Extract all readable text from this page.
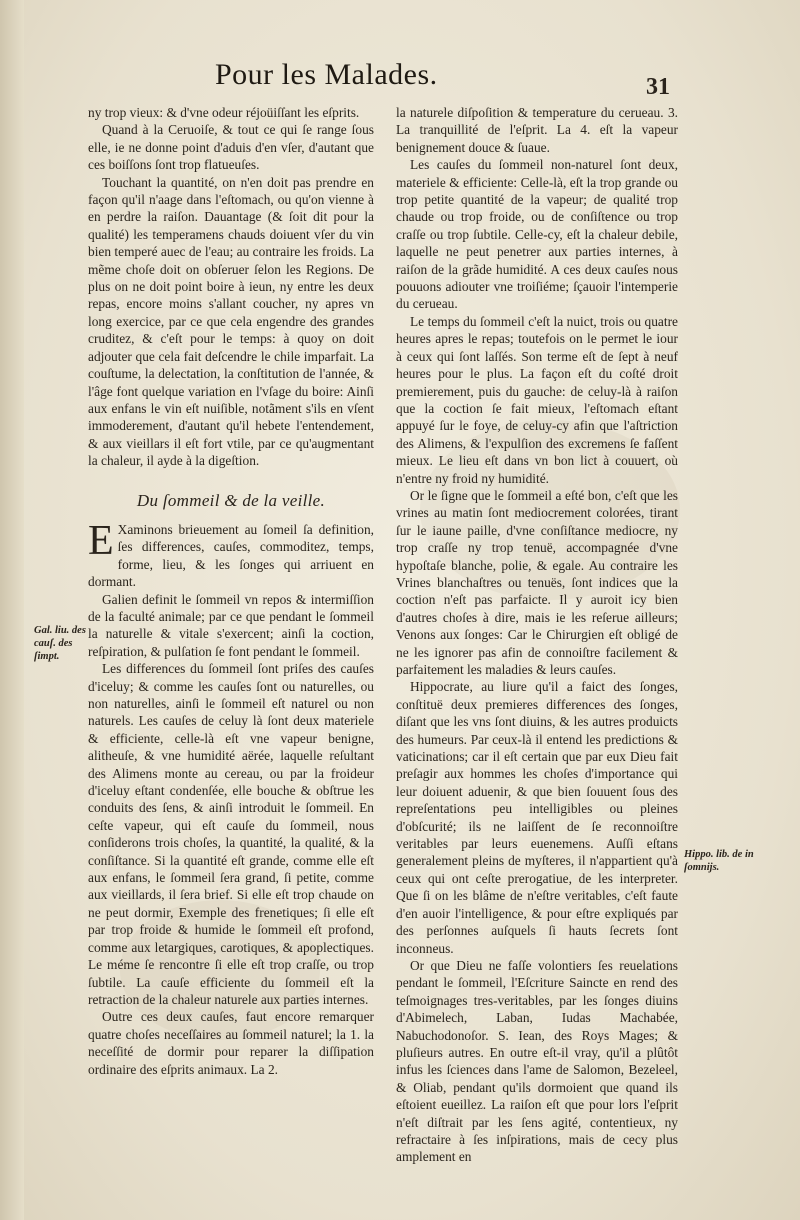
Pour les Malades.	31

ny trop vieux: & d'vne odeur réjoüiſſant les eſprits.

Quand à la Ceruoiſe, & tout ce qui ſe range ſous elle, ie ne donne point d'aduis d'en vſer, d'autant que ces boiſſons ſont trop flatueuſes.

Touchant la quantité, on n'en doit pas prendre en façon qu'il n'aage dans l'eſtomach, ou qu'on vienne à en perdre la raiſon. Dauantage (& ſoit dit pour la qualité) les temperamens chauds doiuent vſer du vin bien temperé auec de l'eau; au contraire les froids. La mẽme choſe doit on obſeruer ſelon les Regions. De plus on ne doit point boire à ieun, ny entre les deux repas, encore moins s'allant coucher, ny apres vn long exercice, par ce que cela engendre des grandes cruditez, & c'eſt pour le temps: à quoy on doit adjouter que cela fait deſcendre le chile imparfait. La couſtume, la delectation, la conſtitution de l'année, & l'âge font quelque variation en l'vſage du boire: Ainſi aux enfans le vin eſt nuiſible, notãment s'ils en vſent immoderement, d'autant qu'il hebete l'entendement, & aux vieillars il eſt fort vtile, par ce qu'augmentant la chaleur, il ayde à la digeſtion.

Du ſommeil & de la veille.

E Xaminons brieuement au ſomeil ſa definition, ſes differences, cauſes, commoditez, temps, forme, lieu, & les ſonges qui arriuent en dormant.

Galien definit le ſommeil vn repos & intermiſſion de la faculté animale; par ce que pendant le ſommeil la naturelle & vitale s'exercent; ainſi la coction, reſpiration, & pulſation ſe font pendant le ſommeil.

Les differences du ſommeil ſont priſes des cauſes d'iceluy; & comme les cauſes ſont ou naturelles, ou non naturelles, ainſi le ſommeil eſt naturel ou non naturels. Les cauſes de celuy là ſont deux materiele & efficiente, celle-là eſt vne vapeur benigne, alitheuſe, & vne humidité aërée, laquelle reſultant des Alimens monte au cereau, ou par la froideur d'iceluy eſtant condenſée, elle bouche & obſtrue les conduits des ſens, & ainſi introduit le ſommeil. En ceſte vapeur, qui eſt cauſe du ſommeil, nous conſiderons trois choſes, la quantité, la qualité, & la conſiſtance. Si la quantité eſt grande, comme elle eſt aux enfans, le ſommeil ſera grand, ſi petite, comme aux vieillards, il ſera brief. Si elle eſt trop chaude on ne peut dormir, Exemple des frenetiques; ſi elle eſt par trop froide & humide le ſommeil eſt profond, comme aux letargiques, carotiques, & apoplectiques. Le méme ſe rencontre ſi elle eſt trop craſſe, ou trop ſubtile. La cauſe efficiente du ſommeil eſt la retraction de la chaleur naturele aux parties internes.

Outre ces deux cauſes, faut encore remarquer quatre choſes neceſſaires au ſommeil naturel; la 1. la neceſſité de dormir pour reparer la diſſipation ordinaire des eſprits animaux. La 2.

la naturele diſpoſition & temperature du cerueau. 3. La tranquillité de l'eſprit. La 4. eſt la vapeur benignement douce & ſuaue.

Les cauſes du ſommeil non-naturel ſont deux, materiele & efficiente: Celle-là, eſt la trop grande ou trop petite quantité de la vapeur; de qualité trop chaude ou trop froide, ou de conſiſtence ou trop craſſe ou trop ſubtile. Celle-cy, eſt la chaleur debile, laquelle ne peut penetrer aux parties internes, à raiſon de la grãde humidité. A ces deux cauſes nous pouuons adiouter vne troiſiéme; ſçauoir l'intemperie du cerueau.

Le temps du ſommeil c'eſt la nuict, trois ou quatre heures apres le repas; toutefois on le permet le iour à ceux qui ſont laſſés. Son terme eſt de ſept à neuf heures pour le plus. La façon eſt du coſté droit premierement, puis du gauche: de celuy-là à raiſon que la coction ſe fait mieux, l'eſtomach eſtant appuyé ſur le foye, de celuy-cy afin que l'aſtriction des Alimens, & l'expulſion des excremens ſe faſſent mieux. Le lieu eſt dans vn bon lict à couuert, où n'entre ny froid ny humidité.

Or le ſigne que le ſommeil a eſté bon, c'eſt que les vrines au matin ſont mediocrement colorées, tirant ſur le iaune paille, d'vne conſiſtance mediocre, ny trop craſſe ny trop tenuë, accompagnée d'vne hypoſtaſe blanche, polie, & egale. Au contraire les Vrines blanchaſtres ou tenuës, ſont indices que la coction n'eſt pas parfaicte. Il y auroit icy bien d'autres choſes à dire, mais ie les reſerue ailleurs; Venons aux ſonges: Car le Chirurgien eſt obligé de ne les ignorer pas afin de connoiſtre facilement & parfaitement les maladies & leurs cauſes.

Hippocrate, au liure qu'il a faict des ſonges, conſtituë deux premieres differences des ſonges, diſant que les vns ſont diuins, & les autres produicts des humeurs. Par ceux-là il entend les predictions & vaticinations; car il eſt certain que par eux Dieu fait preſagir aux hommes les choſes d'importance qui leur doiuent aduenir, & que bien ſouuent ſous des repreſentations peu intelligibles ou pleines d'obſcurité; ils ne laiſſent de ſe reconnoiſtre veritables par leurs euenemens. Auſſi eſtans generalement pleins de myſteres, il n'appartient qu'à ceux qui ont ceſte prerogatiue, de les interpreter. Que ſi on les blâme de n'eſtre veritables, c'eſt faute d'en auoir l'intelligence, & pour eſtre expliqués par des perſonnes auſquels ſi hauts ſecrets ſont inconneus.

Or que Dieu ne faſſe volontiers ſes reuelations pendant le ſommeil, l'Eſcriture Saincte en rend des teſmoignages tres-veritables, par les ſonges diuins d'Abimelech, Laban, Iudas Machabée, Nabuchodonoſor. S. Iean, des Roys Mages; & pluſieurs autres. En outre eſt-il vray, qu'il a plûtôt infus les ſciences dans l'ame de Salomon, Bezeleel, & Oliab, pendant qu'ils dormoient que quand ils eſtoient eueillez. La raiſon eſt que pour lors l'eſprit n'eſt diſtrait par les ſens agité, contentieux, ny refractaire à ſes inſpirations, mais de cecy plus amplement en

Gal. liu. des cauſ. des ſimpt.
Hippo. lib. de in ſomnijs.
